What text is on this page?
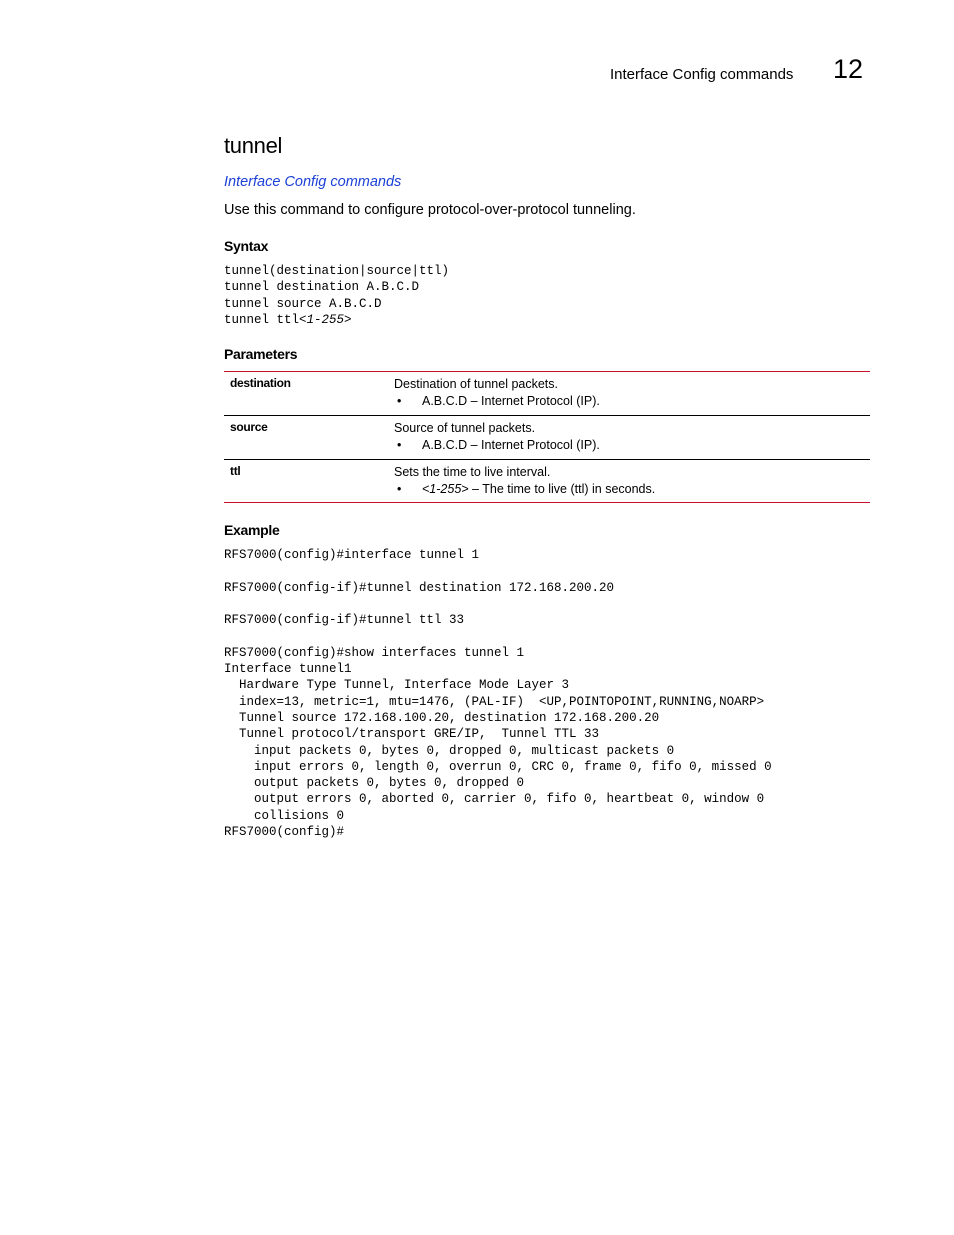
Interface Config commands 12
tunnel
Interface Config commands
Use this command to configure protocol-over-protocol tunneling.
Syntax
tunnel(destination|source|ttl)
tunnel destination A.B.C.D
tunnel source A.B.C.D
tunnel ttl<1-255>
Parameters
destination	Destination of tunnel packets.
•	A.B.C.D – Internet Protocol (IP).
source	Source of tunnel packets.
•	A.B.C.D – Internet Protocol (IP).
ttl	Sets the time to live interval.
•	<1-255> – The time to live (ttl) in seconds.
Example
RFS7000(config)#interface tunnel 1

RFS7000(config-if)#tunnel destination 172.168.200.20

RFS7000(config-if)#tunnel ttl 33

RFS7000(config)#show interfaces tunnel 1
Interface tunnel1
Hardware Type Tunnel, Interface Mode Layer 3
index=13, metric=1, mtu=1476, (PAL-IF)  <UP,POINTOPOINT,RUNNING,NOARP>
Tunnel source 172.168.100.20, destination 172.168.200.20
Tunnel protocol/transport GRE/IP,  Tunnel TTL 33
input packets 0, bytes 0, dropped 0, multicast packets 0
input errors 0, length 0, overrun 0, CRC 0, frame 0, fifo 0, missed 0
output packets 0, bytes 0, dropped 0
output errors 0, aborted 0, carrier 0, fifo 0, heartbeat 0, window 0
collisions 0
RFS7000(config)#
